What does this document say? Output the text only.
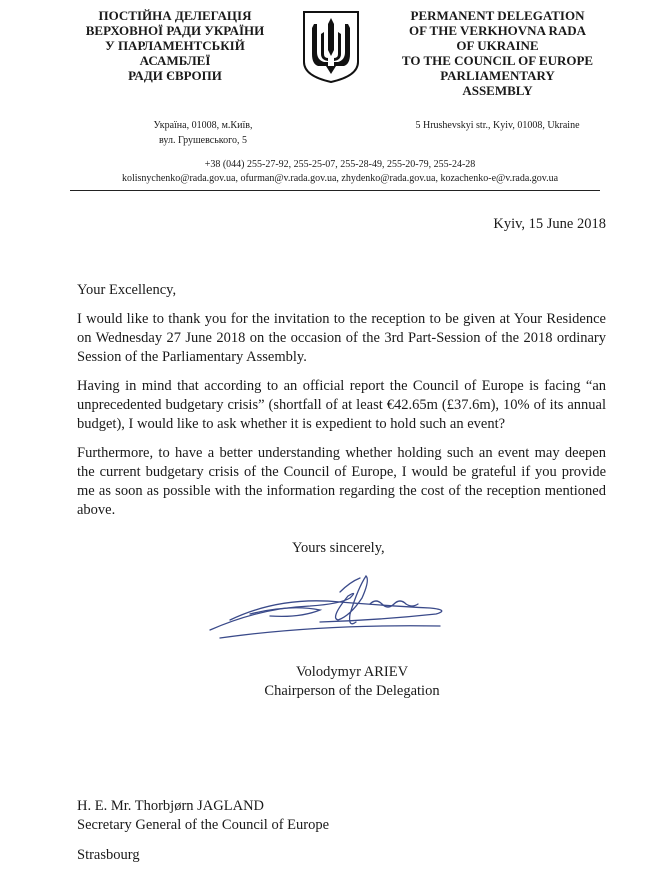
ПОСТІЙНА ДЕЛЕГАЦІЯ
ВЕРХОВНОЇ РАДИ УКРАЇНИ
У ПАРЛАМЕНТСЬКІЙ
АСАМБЛЕЇ
РАДИ ЄВРОПИ
PERMANENT DELEGATION
OF THE VERKHOVNA RADA
OF UKRAINE
TO THE COUNCIL OF EUROPE
PARLIAMENTARY
ASSEMBLY
Україна, 01008, м.Київ,
вул. Грушевського, 5
5 Hrushevskyi str., Kyiv, 01008, Ukraine
+38 (044) 255-27-92, 255-25-07, 255-28-49, 255-20-79, 255-24-28
kolisnychenko@rada.gov.ua, ofurman@v.rada.gov.ua, zhydenko@rada.gov.ua, kozachenko-e@v.rada.gov.ua
Kyiv, 15 June 2018
Your Excellency,
I would like to thank you for the invitation to the reception to be given at Your Residence on Wednesday 27 June 2018 on the occasion of the 3rd Part-Session of the 2018 ordinary Session of the Parliamentary Assembly.
Having in mind that according to an official report the Council of Europe is facing “an unprecedented budgetary crisis” (shortfall of at least €42.65m (£37.6m), 10% of its annual budget), I would like to ask whether it is expedient to hold such an event?
Furthermore, to have a better understanding whether holding such an event may deepen the current budgetary crisis of the Council of Europe, I would be grateful if you provide me as soon as possible with the information regarding the cost of the reception mentioned above.
Yours sincerely,
Volodymyr ARIEV
Chairperson of the Delegation
H. E. Mr. Thorbjørn JAGLAND
Secretary General of the Council of Europe
Strasbourg
